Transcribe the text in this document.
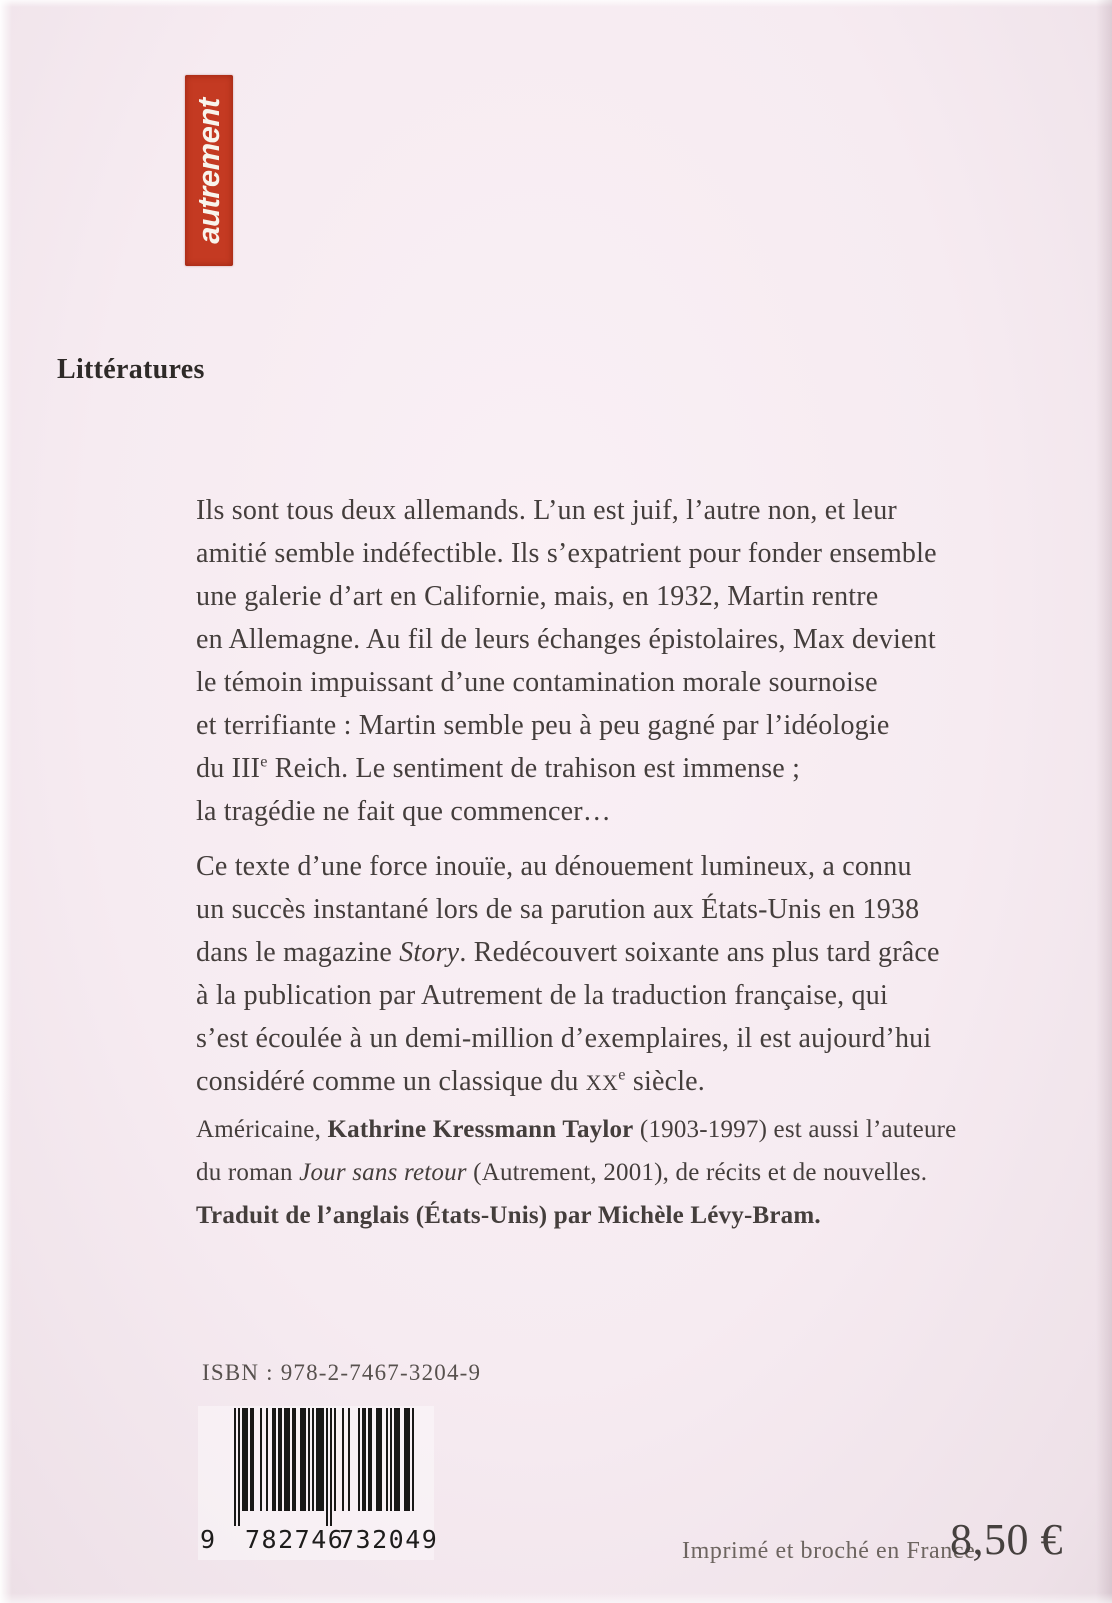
autrement
Littératures
Ils sont tous deux allemands. L’un est juif, l’autre non, et leur
amitié semble indéfectible. Ils s’expatrient pour fonder ensemble
une galerie d’art en Californie, mais, en 1932, Martin rentre
en Allemagne. Au fil de leurs échanges épistolaires, Max devient
le témoin impuissant d’une contamination morale sournoise
et terrifiante : Martin semble peu à peu gagné par l’idéologie
du IIIe Reich. Le sentiment de trahison est immense ;
la tragédie ne fait que commencer…
Ce texte d’une force inouïe, au dénouement lumineux, a connu
un succès instantané lors de sa parution aux États-Unis en 1938
dans le magazine Story. Redécouvert soixante ans plus tard grâce
à la publication par Autrement de la traduction française, qui
s’est écoulée à un demi-million d’exemplaires, il est aujourd’hui
considéré comme un classique du XXe siècle.
Américaine, Kathrine Kressmann Taylor (1903-1997) est aussi l’auteure
du roman Jour sans retour (Autrement, 2001), de récits et de nouvelles.
Traduit de l’anglais (États-Unis) par Michèle Lévy-Bram.
ISBN : 978-2-7467-3204-9
9 782746
732049	Imprimé et broché en France
8,50 €
